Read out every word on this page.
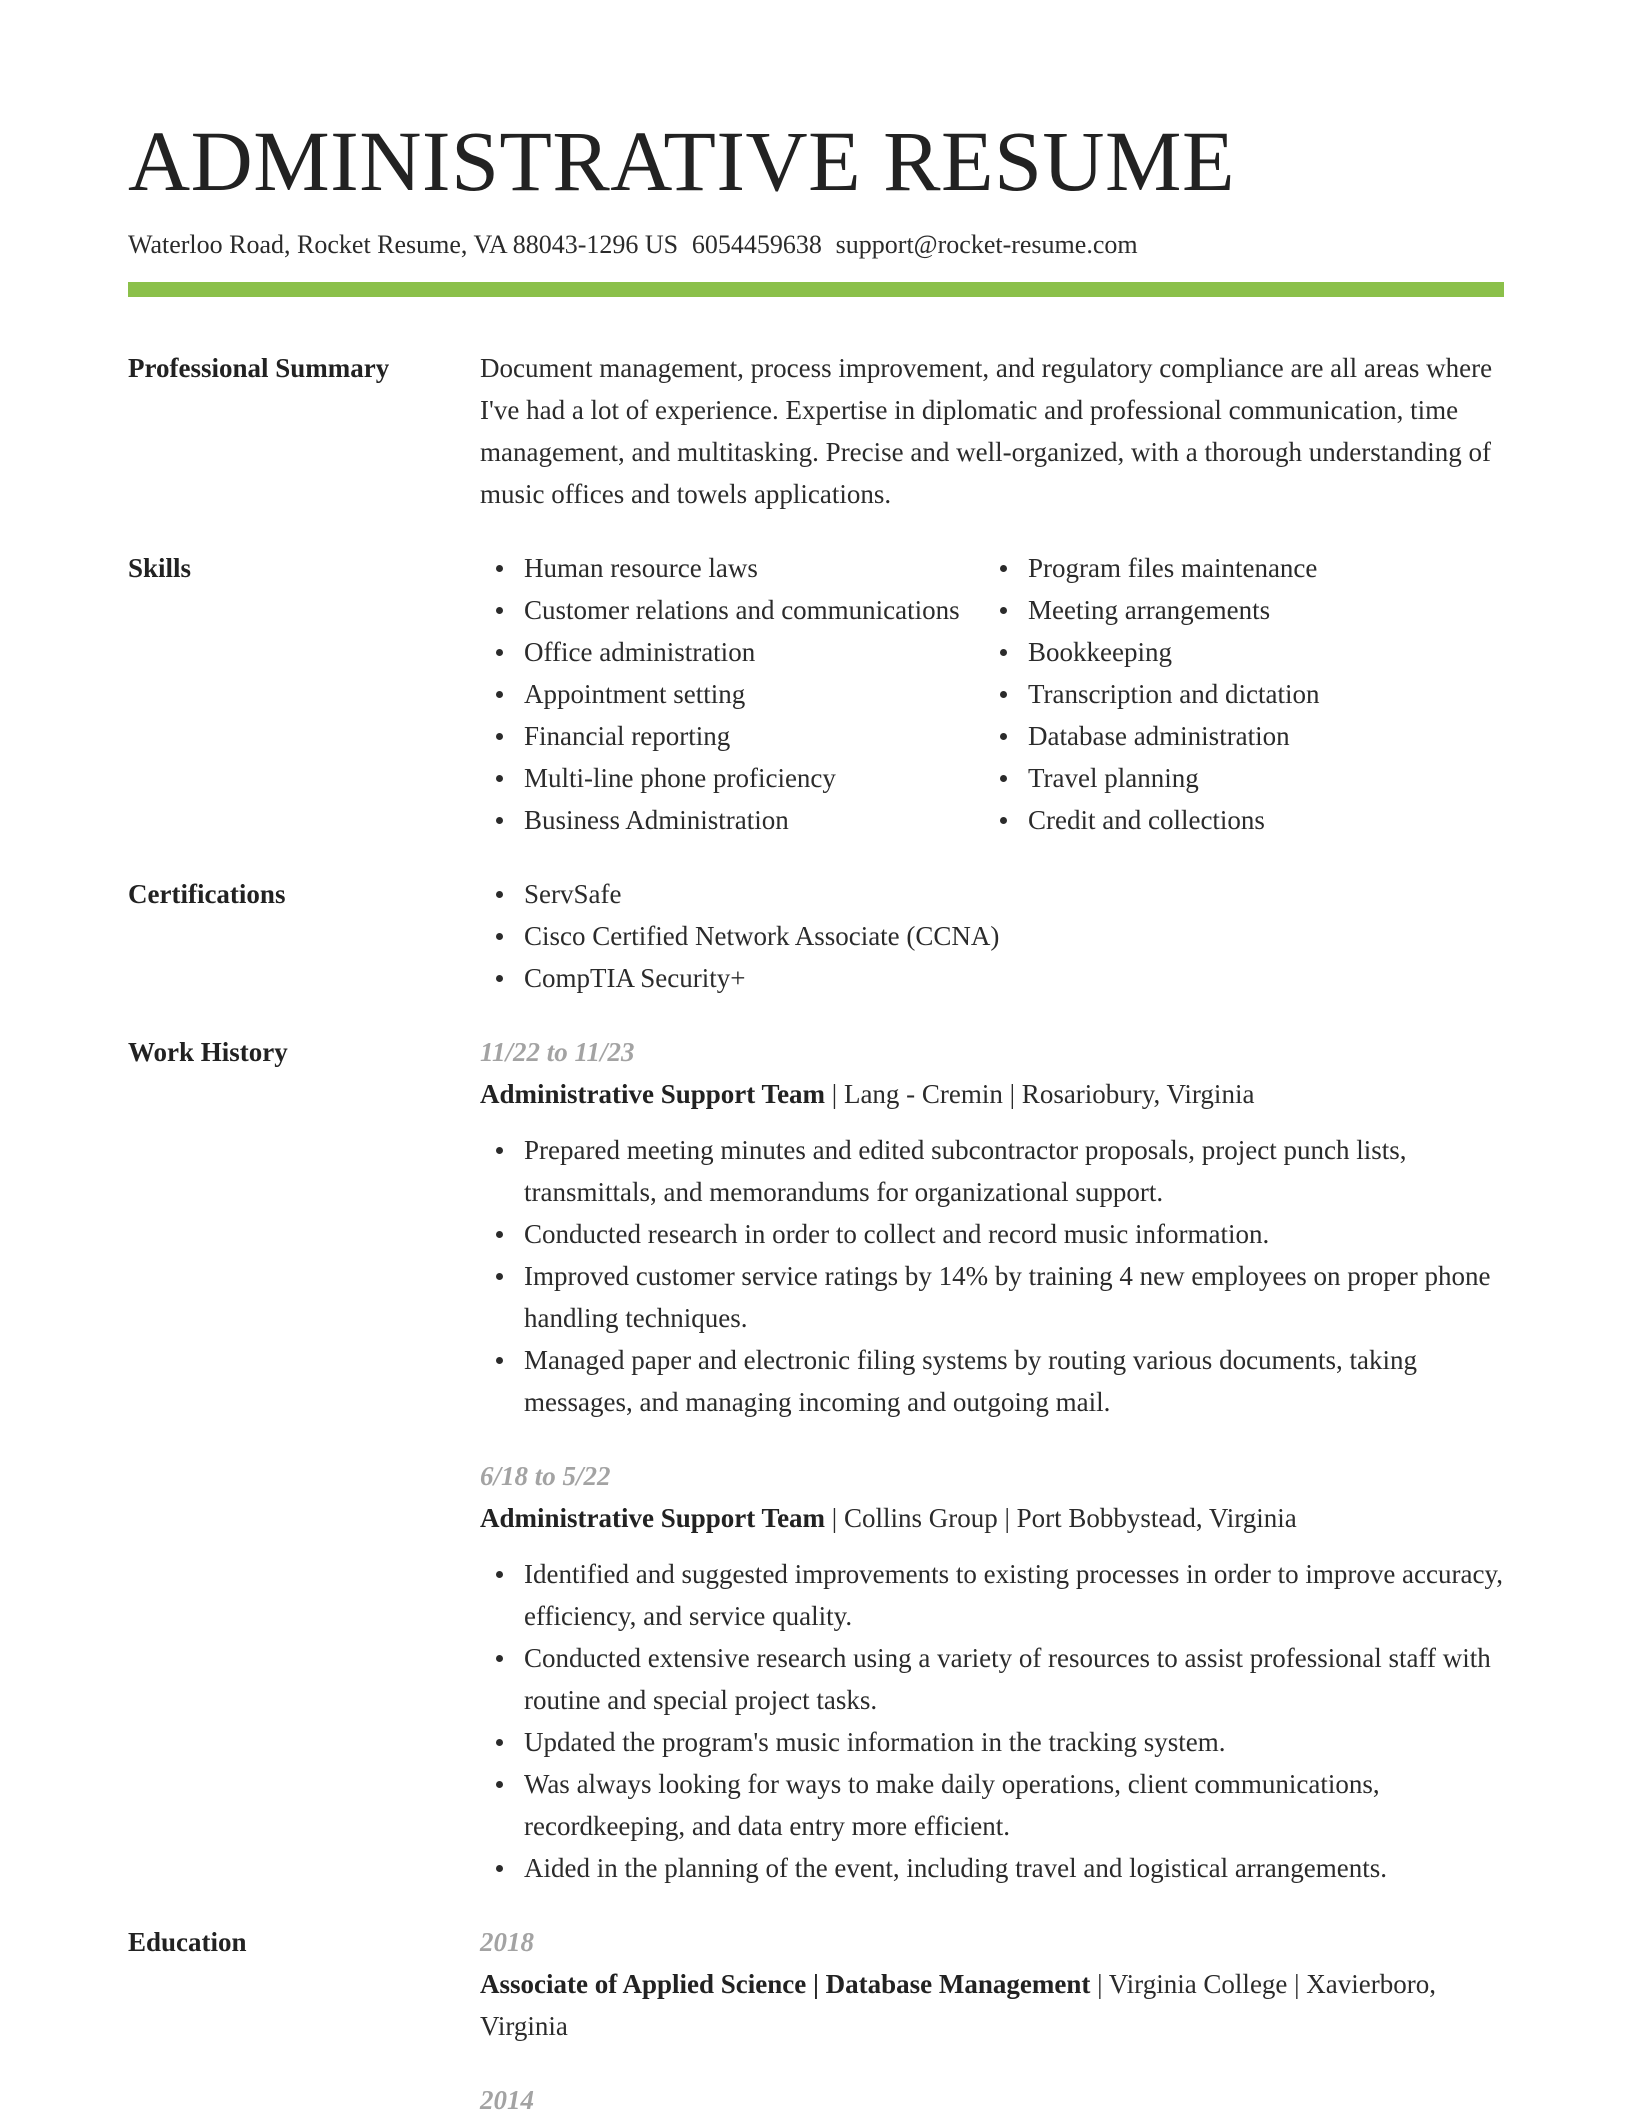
ADMINISTRATIVE RESUME
Waterloo Road, Rocket Resume, VA 88043-1296 US 6054459638 support@rocket-resume.com
Professional Summary	Document management, process improvement, and regulatory compliance are all areas where I've had a lot of experience. Expertise in diplomatic and professional communication, time management, and multitasking. Precise and well-organized, with a thorough understanding of music offices and towels applications.
Skills	Human resource laws
Customer relations and communications
Office administration
Appointment setting
Financial reporting
Multi-line phone proficiency
Business Administration
Program files maintenance
Meeting arrangements
Bookkeeping
Transcription and dictation
Database administration
Travel planning
Credit and collections
Certifications	ServSafe
Cisco Certified Network Associate (CCNA)
CompTIA Security+
Work History	11/22 to 11/23
Administrative Support Team | Lang - Cremin | Rosariobury, Virginia
Prepared meeting minutes and edited subcontractor proposals, project punch lists, transmittals, and memorandums for organizational support.
Conducted research in order to collect and record music information.
Improved customer service ratings by 14% by training 4 new employees on proper phone handling techniques.
Managed paper and electronic filing systems by routing various documents, taking messages, and managing incoming and outgoing mail.
6/18 to 5/22
Administrative Support Team | Collins Group | Port Bobbystead, Virginia
Identified and suggested improvements to existing processes in order to improve accuracy, efficiency, and service quality.
Conducted extensive research using a variety of resources to assist professional staff with routine and special project tasks.
Updated the program's music information in the tracking system.
Was always looking for ways to make daily operations, client communications, recordkeeping, and data entry more efficient.
Aided in the planning of the event, including travel and logistical arrangements.
Education	2018
Associate of Applied Science | Database Management | Virginia College | Xavierboro, Virginia
2014
